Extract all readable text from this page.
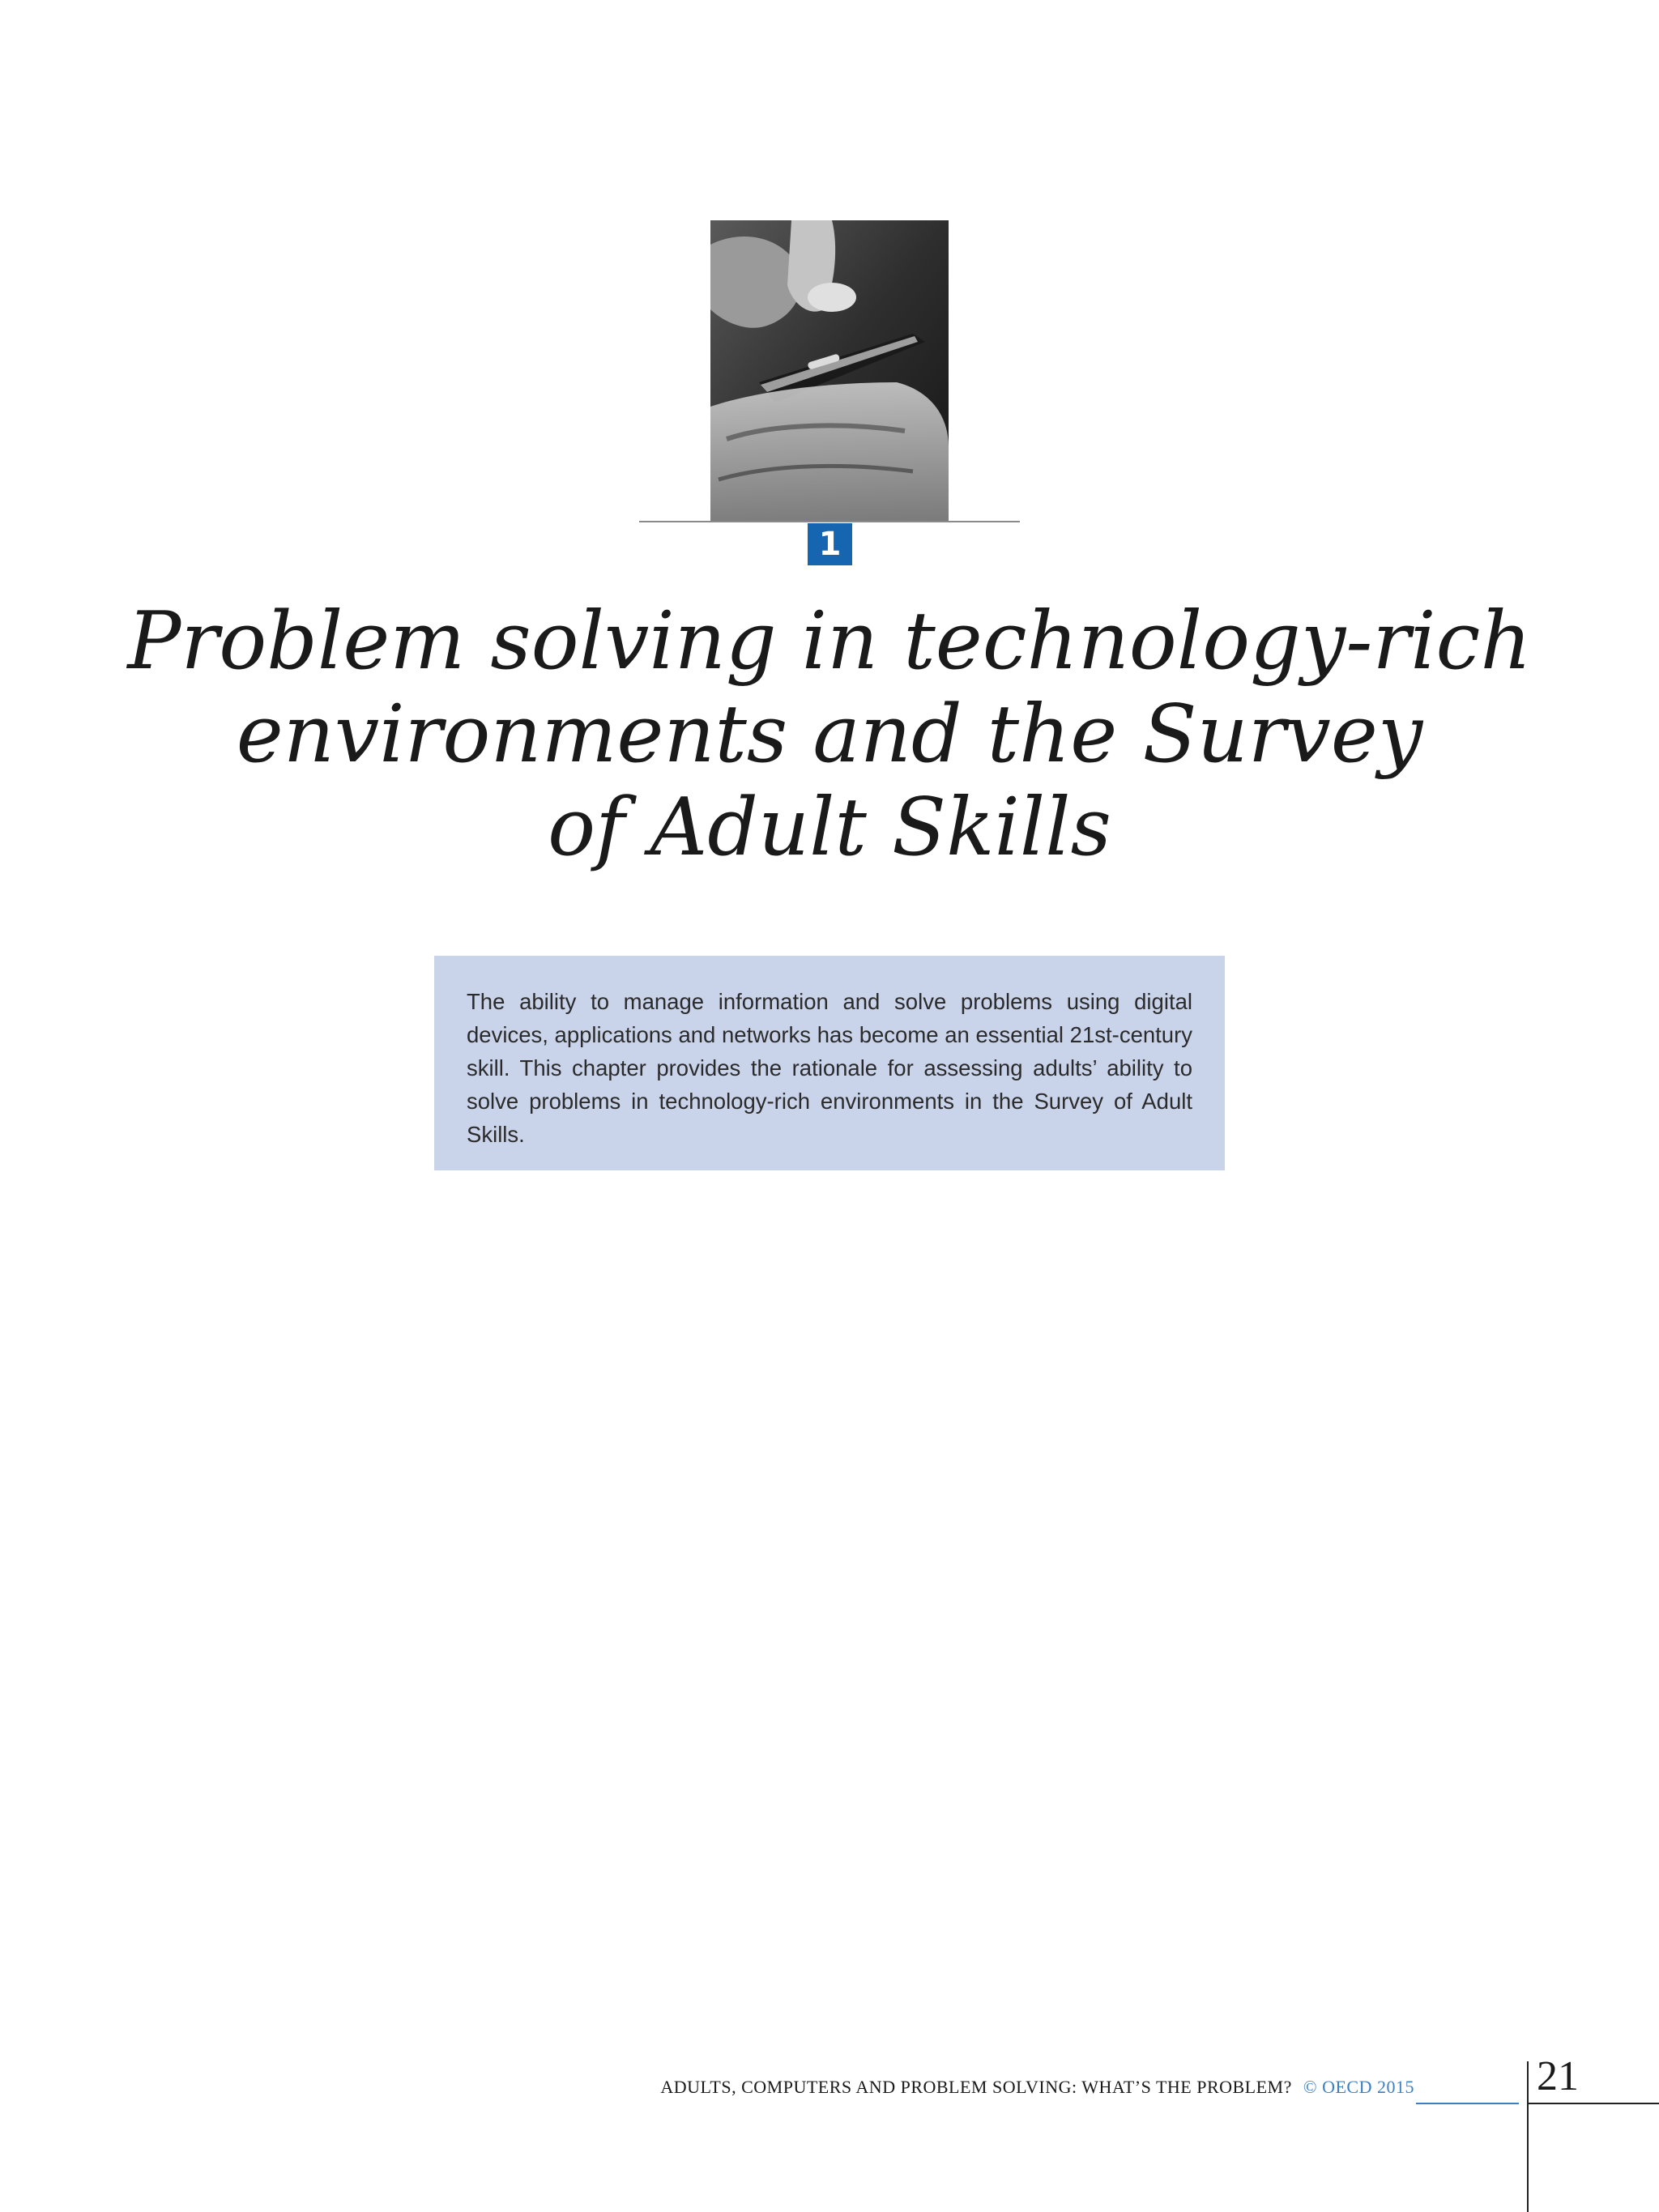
1
Problem solving in technology-rich
environments and the Survey
of Adult Skills

The ability to manage information and solve problems using digital devices, applications and networks has become an essential 21st-century skill. This chapter provides the rationale for assessing adults’ ability to solve problems in technology-rich environments in the Survey of Adult Skills.

ADULTS, COMPUTERS AND PROBLEM SOLVING: WHAT’S THE PROBLEM? © OECD 2015	21
